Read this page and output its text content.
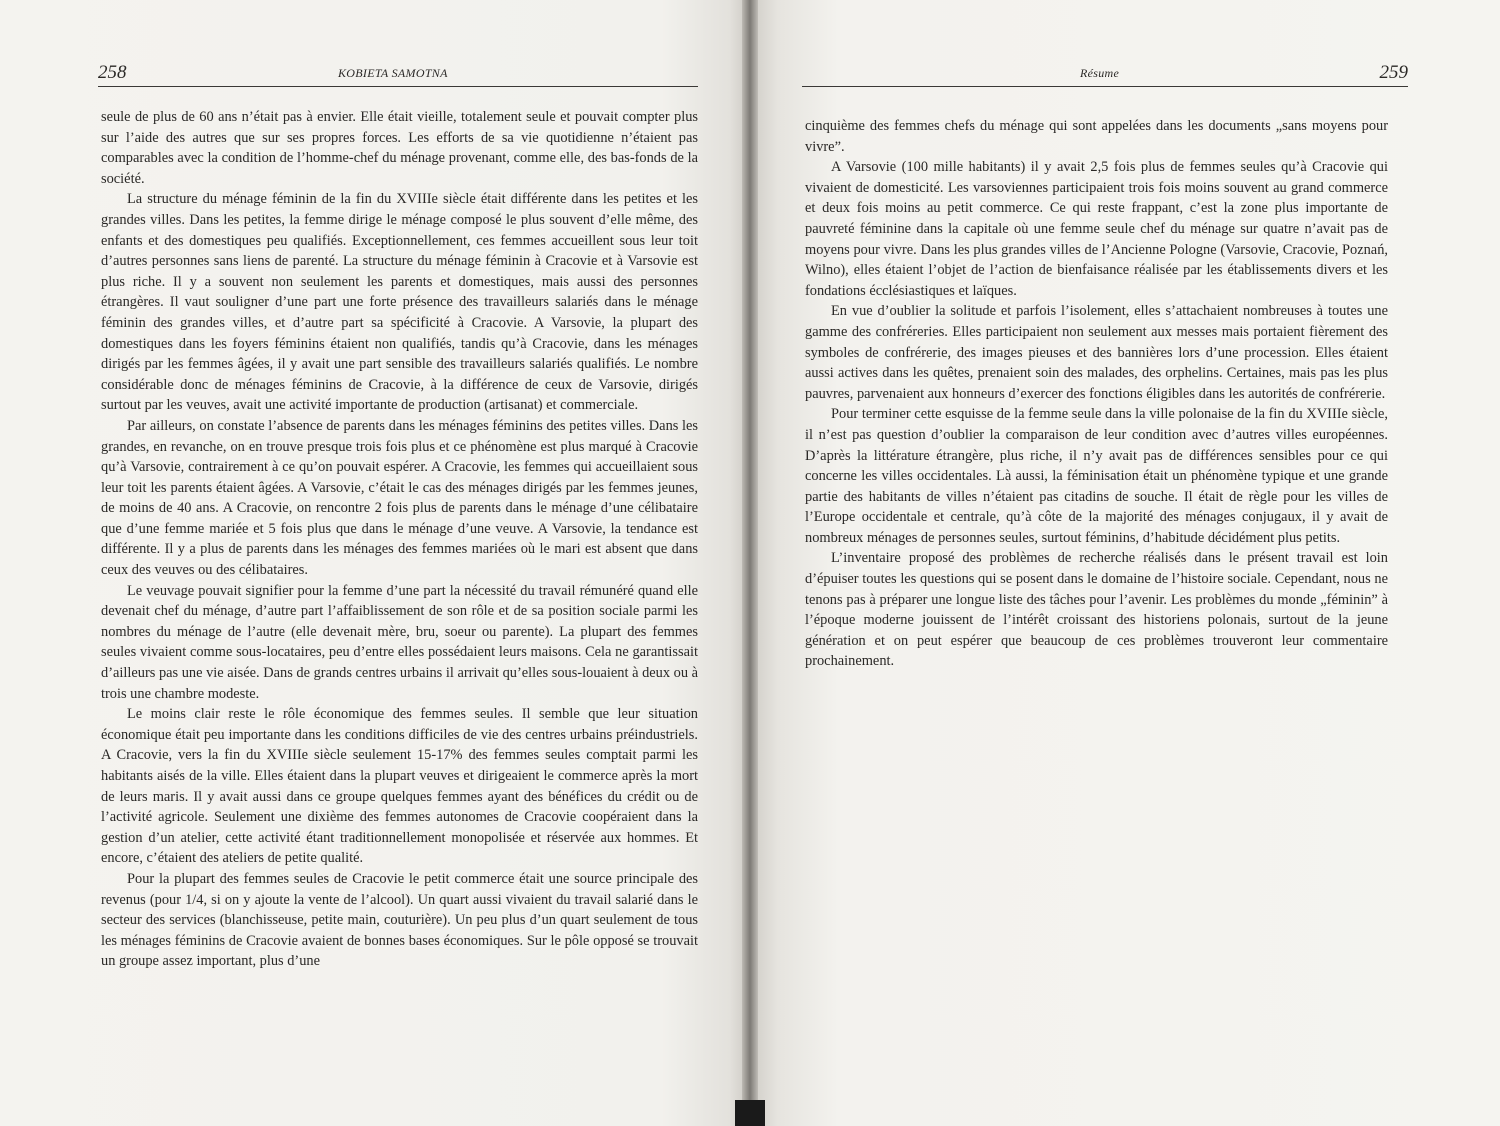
258	KOBIETA SAMOTNA

seule de plus de 60 ans n’était pas à envier. Elle était vieille, totalement seule et pouvait compter plus sur l’aide des autres que sur ses propres forces. Les efforts de sa vie quotidienne n’étaient pas comparables avec la condition de l’homme-chef du ménage provenant, comme elle, des bas-fonds de la société.

La structure du ménage féminin de la fin du XVIIIe siècle était différente dans les petites et les grandes villes. Dans les petites, la femme dirige le ménage composé le plus souvent d’elle même, des enfants et des domestiques peu qualifiés. Exceptionnellement, ces femmes accueillent sous leur toit d’autres personnes sans liens de parenté. La structure du ménage féminin à Cracovie et à Varsovie est plus riche. Il y a souvent non seulement les parents et domestiques, mais aussi des personnes étrangères. Il vaut souligner d’une part une forte présence des travailleurs salariés dans le ménage féminin des grandes villes, et d’autre part sa spécificité à Cracovie. A Varsovie, la plupart des domestiques dans les foyers féminins étaient non qualifiés, tandis qu’à Cracovie, dans les ménages dirigés par les femmes âgées, il y avait une part sensible des travailleurs salariés qualifiés. Le nombre considérable donc de ménages féminins de Cracovie, à la différence de ceux de Varsovie, dirigés surtout par les veuves, avait une activité importante de production (artisanat) et commerciale.

Par ailleurs, on constate l’absence de parents dans les ménages féminins des petites villes. Dans les grandes, en revanche, on en trouve presque trois fois plus et ce phénomène est plus marqué à Cracovie qu’à Varsovie, contrairement à ce qu’on pouvait espérer. A Cracovie, les femmes qui accueillaient sous leur toit les parents étaient âgées. A Varsovie, c’était le cas des ménages dirigés par les femmes jeunes, de moins de 40 ans. A Cracovie, on rencontre 2 fois plus de parents dans le ménage d’une célibataire que d’une femme mariée et 5 fois plus que dans le ménage d’une veuve. A Varsovie, la tendance est différente. Il y a plus de parents dans les ménages des femmes mariées où le mari est absent que dans ceux des veuves ou des célibataires.

Le veuvage pouvait signifier pour la femme d’une part la nécessité du travail rémunéré quand elle devenait chef du ménage, d’autre part l’affaiblissement de son rôle et de sa position sociale parmi les nombres du ménage de l’autre (elle devenait mère, bru, soeur ou parente). La plupart des femmes seules vivaient comme sous-locataires, peu d’entre elles possédaient leurs maisons. Cela ne garantissait d’ailleurs pas une vie aisée. Dans de grands centres urbains il arrivait qu’elles sous-louaient à deux ou à trois une chambre modeste.

Le moins clair reste le rôle économique des femmes seules. Il semble que leur situation économique était peu importante dans les conditions difficiles de vie des centres urbains préindustriels. A Cracovie, vers la fin du XVIIIe siècle seulement 15-17% des femmes seules comptait parmi les habitants aisés de la ville. Elles étaient dans la plupart veuves et dirigeaient le commerce après la mort de leurs maris. Il y avait aussi dans ce groupe quelques femmes ayant des bénéfices du crédit ou de l’activité agricole. Seulement une dixième des femmes autonomes de Cracovie coopéraient dans la gestion d’un atelier, cette activité étant traditionnellement monopolisée et réservée aux hommes. Et encore, c’étaient des ateliers de petite qualité.

Pour la plupart des femmes seules de Cracovie le petit commerce était une source principale des revenus (pour 1/4, si on y ajoute la vente de l’alcool). Un quart aussi vivaient du travail salarié dans le secteur des services (blanchisseuse, petite main, couturière). Un peu plus d’un quart seulement de tous les ménages féminins de Cracovie avaient de bonnes bases économiques. Sur le pôle opposé se trouvait un groupe assez important, plus d’une

Résume	259

cinquième des femmes chefs du ménage qui sont appelées dans les documents „sans moyens pour vivre”.

A Varsovie (100 mille habitants) il y avait 2,5 fois plus de femmes seules qu’à Cracovie qui vivaient de domesticité. Les varsoviennes participaient trois fois moins souvent au grand commerce et deux fois moins au petit commerce. Ce qui reste frappant, c’est la zone plus importante de pauvreté féminine dans la capitale où une femme seule chef du ménage sur quatre n’avait pas de moyens pour vivre. Dans les plus grandes villes de l’Ancienne Pologne (Varsovie, Cracovie, Poznań, Wilno), elles étaient l’objet de l’action de bienfaisance réalisée par les établissements divers et les fondations écclésiastiques et laïques.

En vue d’oublier la solitude et parfois l’isolement, elles s’attachaient nombreuses à toutes une gamme des confréreries. Elles participaient non seulement aux messes mais portaient fièrement des symboles de confrérerie, des images pieuses et des bannières lors d’une procession. Elles étaient aussi actives dans les quêtes, prenaient soin des malades, des orphelins. Certaines, mais pas les plus pauvres, parvenaient aux honneurs d’exercer des fonctions éligibles dans les autorités de confrérerie.

Pour terminer cette esquisse de la femme seule dans la ville polonaise de la fin du XVIIIe siècle, il n’est pas question d’oublier la comparaison de leur condition avec d’autres villes européennes. D’après la littérature étrangère, plus riche, il n’y avait pas de différences sensibles pour ce qui concerne les villes occidentales. Là aussi, la féminisation était un phénomène typique et une grande partie des habitants de villes n’étaient pas citadins de souche. Il était de règle pour les villes de l’Europe occidentale et centrale, qu’à côte de la majorité des ménages conjugaux, il y avait de nombreux ménages de personnes seules, surtout féminins, d’habitude décidément plus petits.

L’inventaire proposé des problèmes de recherche réalisés dans le présent travail est loin d’épuiser toutes les questions qui se posent dans le domaine de l’histoire sociale. Cependant, nous ne tenons pas à préparer une longue liste des tâches pour l’avenir. Les problèmes du monde „féminin” à l’époque moderne jouissent de l’intérêt croissant des historiens polonais, surtout de la jeune génération et on peut espérer que beaucoup de ces problèmes trouveront leur commentaire prochainement.
